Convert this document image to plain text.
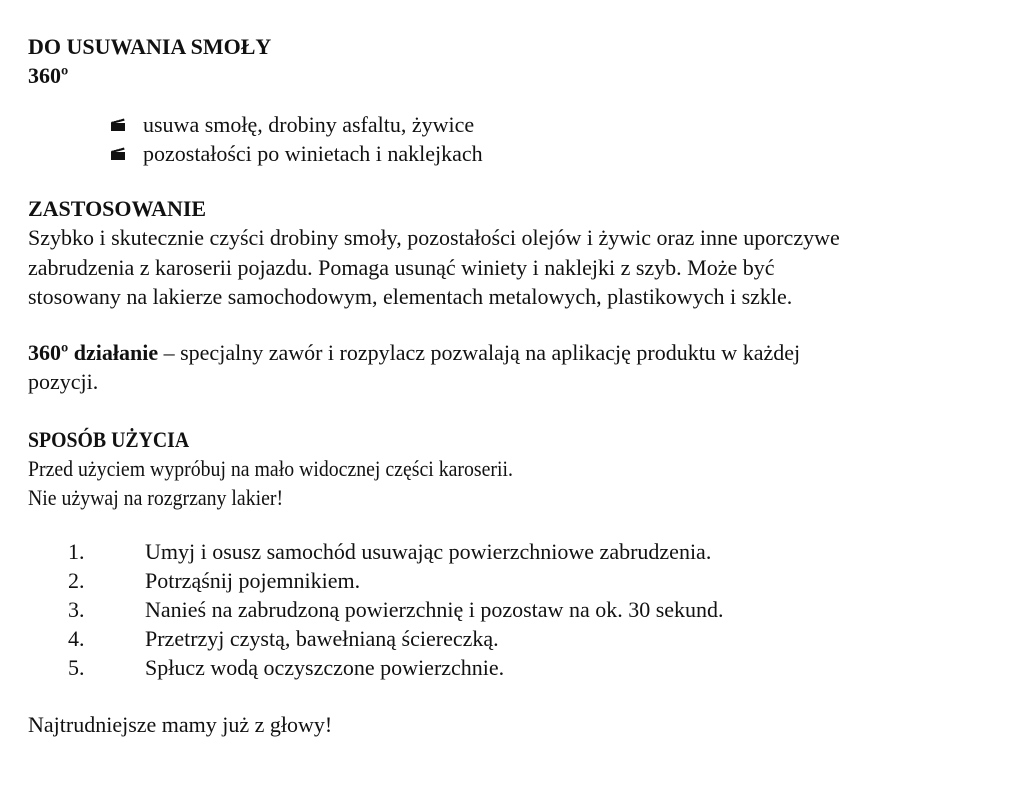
DO USUWANIA SMOŁY

360º

usuwa smołę, drobiny asfaltu, żywice
pozostałości po winietach i naklejkach

ZASTOSOWANIE

Szybko i skutecznie czyści drobiny smoły, pozostałości olejów i żywic oraz inne uporczywe

zabrudzenia z karoserii pojazdu. Pomaga usunąć winiety i naklejki z szyb. Może być

stosowany na lakierze samochodowym, elementach metalowych, plastikowych i szkle.

360º działanie – specjalny zawór i rozpylacz pozwalają na aplikację produktu w każdej

pozycji.

SPOSÓB UŻYCIA

Przed użyciem wypróbuj na mało widocznej części karoserii.

Nie używaj na rozgrzany lakier!

1.	Umyj i osusz samochód usuwając powierzchniowe zabrudzenia.
2.	Potrząśnij pojemnikiem.
3.	Nanieś na zabrudzoną powierzchnię i pozostaw na ok. 30 sekund.
4.	Przetrzyj czystą, bawełnianą ściereczką.
5.	Spłucz wodą oczyszczone powierzchnie.

Najtrudniejsze mamy już z głowy!
